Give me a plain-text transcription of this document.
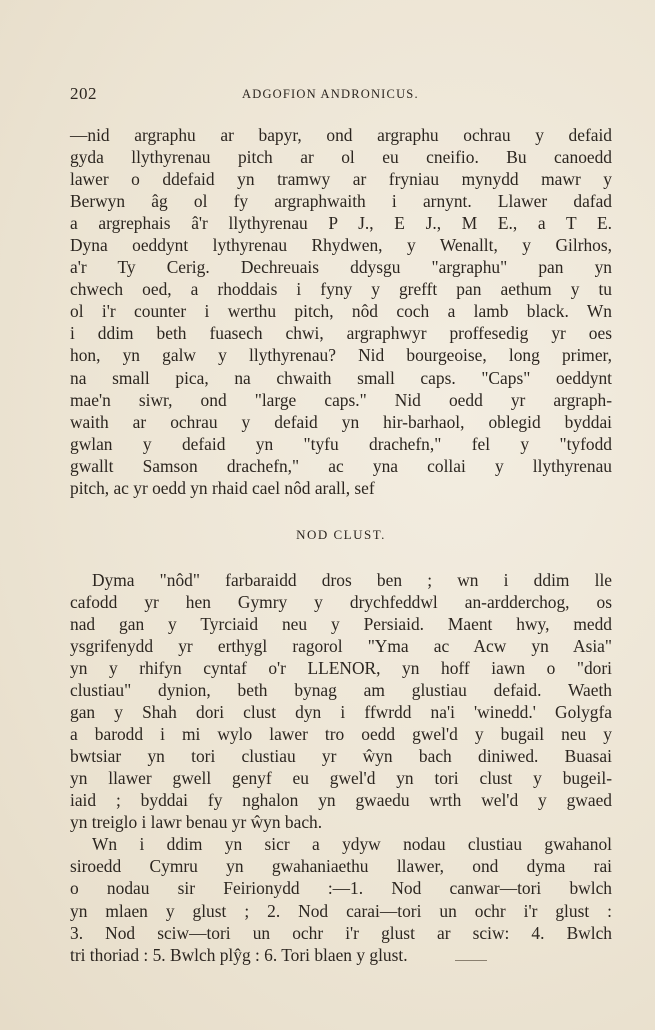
202	ADGOFION ANDRONICUS.
—nid argraphu ar bapyr, ond argraphu ochrau y defaid
gyda llythyrenau pitch ar ol eu cneifio. Bu canoedd
lawer o ddefaid yn tramwy ar fryniau mynydd mawr y
Berwyn âg ol fy argraphwaith i arnynt. Llawer dafad
a argrephais â'r llythyrenau P J., E J., M E., a T E.
Dyna oeddynt lythyrenau Rhydwen, y Wenallt, y Gilrhos,
a'r Ty Cerig. Dechreuais ddysgu "argraphu" pan yn
chwech oed, a rhoddais i fyny y grefft pan aethum y tu
ol i'r counter i werthu pitch, nôd coch a lamb black. Wn
i ddim beth fuasech chwi, argraphwyr proffesedig yr oes
hon, yn galw y llythyrenau? Nid bourgeoise, long primer,
na small pica, na chwaith small caps. "Caps" oeddynt
mae'n siwr, ond "large caps." Nid oedd yr argraph-
waith ar ochrau y defaid yn hir-barhaol, oblegid byddai
gwlan y defaid yn "tyfu drachefn," fel y "tyfodd
gwallt Samson drachefn," ac yna collai y llythyrenau
pitch, ac yr oedd yn rhaid cael nôd arall, sef
NOD CLUST.
Dyma "nôd" farbaraidd dros ben ; wn i ddim lle
cafodd yr hen Gymry y drychfeddwl an-ardderchog, os
nad gan y Tyrciaid neu y Persiaid. Maent hwy, medd
ysgrifenydd yr erthygl ragorol "Yma ac Acw yn Asia"
yn y rhifyn cyntaf o'r LLENOR, yn hoff iawn o "dori
clustiau" dynion, beth bynag am glustiau defaid. Waeth
gan y Shah dori clust dyn i ffwrdd na'i 'winedd.' Golygfa
a barodd i mi wylo lawer tro oedd gwel'd y bugail neu y
bwtsiar yn tori clustiau yr ŵyn bach diniwed. Buasai
yn llawer gwell genyf eu gwel'd yn tori clust y bugeil-
iaid ; byddai fy nghalon yn gwaedu wrth wel'd y gwaed
yn treiglo i lawr benau yr ŵyn bach.
Wn i ddim yn sicr a ydyw nodau clustiau gwahanol
siroedd Cymru yn gwahaniaethu llawer, ond dyma rai
o nodau sir Feirionydd :—1. Nod canwar—tori bwlch
yn mlaen y glust ; 2. Nod carai—tori un ochr i'r glust :
3. Nod sciw—tori un ochr i'r glust ar sciw: 4. Bwlch
tri thoriad : 5. Bwlch plŷg : 6. Tori blaen y glust.
